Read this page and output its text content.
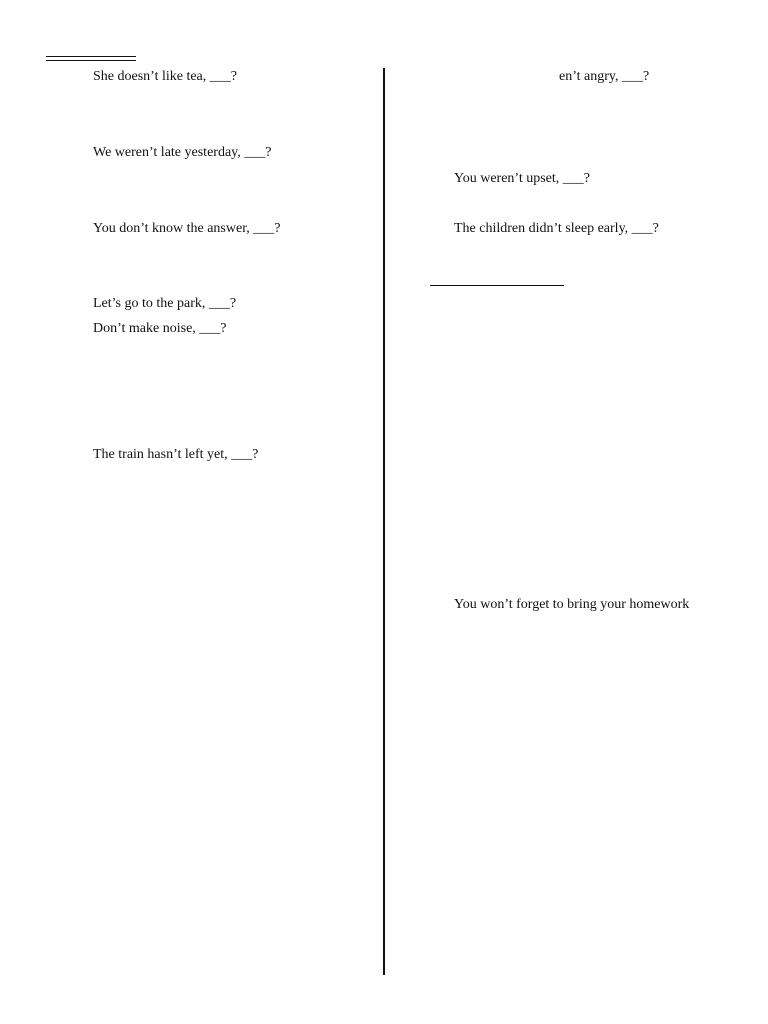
She doesn’t like tea, ___?
We weren’t late yesterday, ___?
You don’t know the answer, ___?
Let’s go to the park, ___?
Don’t make noise, ___?
The train hasn’t left yet, ___?
en’t angry, ___?
You weren’t upset, ___?
The children didn’t sleep early, ___?
You won’t forget to bring your homework
